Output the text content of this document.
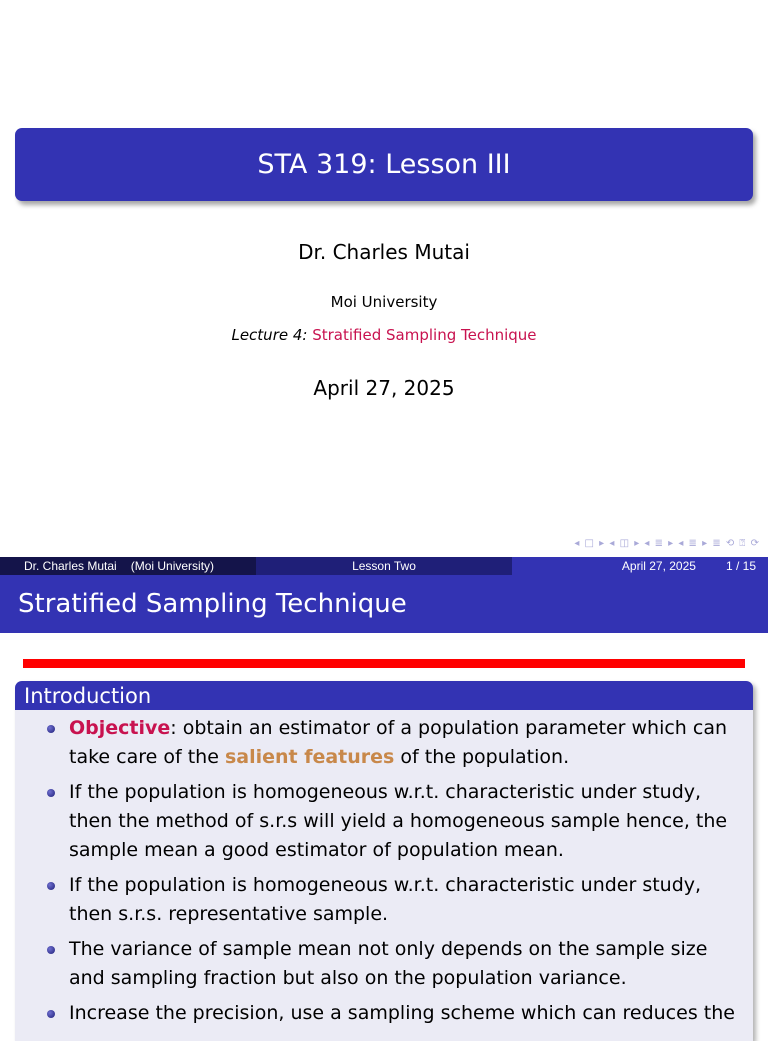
STA 319: Lesson III
Dr. Charles Mutai
Moi University
Lecture 4: Stratified Sampling Technique
April 27, 2025
◂ □ ▸ ◂ ◫ ▸ ◂ ≣ ▸ ◂ ≣ ▸ ≣ ⟲ ⍰ ⟳
Dr. Charles Mutai (Moi University)	Lesson Two	April 27, 2025	1 / 15
Stratified Sampling Technique
Introduction
Objective: obtain an estimator of a population parameter which can take care of the salient features of the population.
If the population is homogeneous w.r.t. characteristic under study, then the method of s.r.s will yield a homogeneous sample hence, the sample mean a good estimator of population mean.
If the population is homogeneous w.r.t. characteristic under study, then s.r.s. representative sample.
The variance of sample mean not only depends on the sample size and sampling fraction but also on the population variance.
Increase the precision, use a sampling scheme which can reduces the
